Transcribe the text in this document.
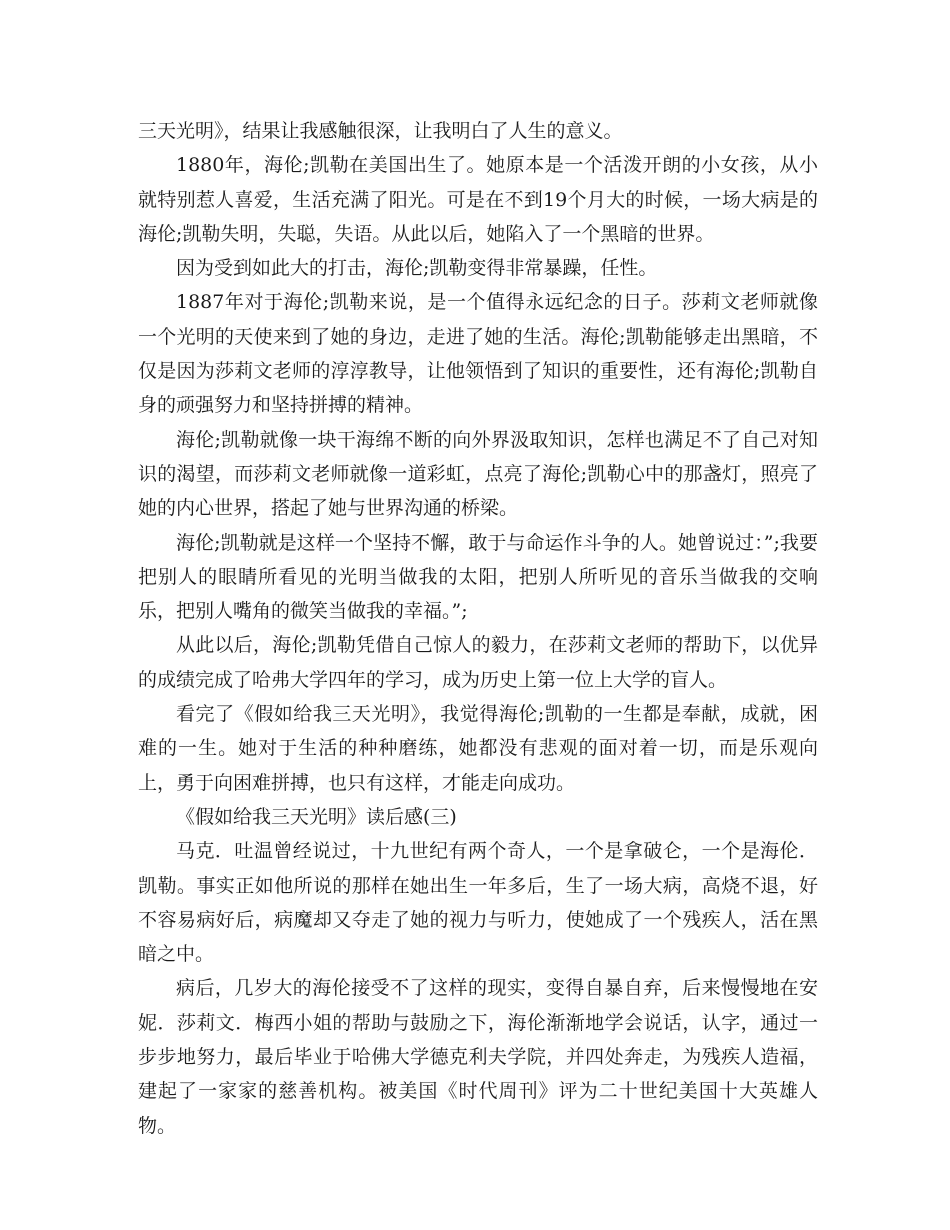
三天光明》，结果让我感触很深，让我明白了人生的意义。

1880年，海伦;凯勒在美国出生了。她原本是一个活泼开朗的小女孩，从小就特别惹人喜爱，生活充满了阳光。可是在不到19个月大的时候，一场大病是的海伦;凯勒失明，失聪，失语。从此以后，她陷入了一个黑暗的世界。

因为受到如此大的打击，海伦;凯勒变得非常暴躁，任性。

1887年对于海伦;凯勒来说，是一个值得永远纪念的日子。莎莉文老师就像一个光明的天使来到了她的身边，走进了她的生活。海伦;凯勒能够走出黑暗，不仅是因为莎莉文老师的淳淳教导，让他领悟到了知识的重要性，还有海伦;凯勒自身的顽强努力和坚持拼搏的精神。

海伦;凯勒就像一块干海绵不断的向外界汲取知识，怎样也满足不了自己对知识的渴望，而莎莉文老师就像一道彩虹，点亮了海伦;凯勒心中的那盏灯，照亮了她的内心世界，搭起了她与世界沟通的桥梁。

海伦;凯勒就是这样一个坚持不懈，敢于与命运作斗争的人。她曾说过：”;我要把别人的眼睛所看见的光明当做我的太阳，把别人所听见的音乐当做我的交响乐，把别人嘴角的微笑当做我的幸福。”;

从此以后，海伦;凯勒凭借自己惊人的毅力，在莎莉文老师的帮助下，以优异的成绩完成了哈弗大学四年的学习，成为历史上第一位上大学的盲人。

看完了《假如给我三天光明》，我觉得海伦;凯勒的一生都是奉献，成就，困难的一生。她对于生活的种种磨练，她都没有悲观的面对着一切，而是乐观向上，勇于向困难拼搏，也只有这样，才能走向成功。

《假如给我三天光明》读后感(三)

马克．吐温曾经说过，十九世纪有两个奇人，一个是拿破仑，一个是海伦．凯勒。事实正如他所说的那样在她出生一年多后，生了一场大病，高烧不退，好不容易病好后，病魔却又夺走了她的视力与听力，使她成了一个残疾人，活在黑暗之中。

病后，几岁大的海伦接受不了这样的现实，变得自暴自弃，后来慢慢地在安妮．莎莉文．梅西小姐的帮助与鼓励之下，海伦渐渐地学会说话，认字，通过一步步地努力，最后毕业于哈佛大学德克利夫学院，并四处奔走，为残疾人造福，建起了一家家的慈善机构。被美国《时代周刊》评为二十世纪美国十大英雄人物。
